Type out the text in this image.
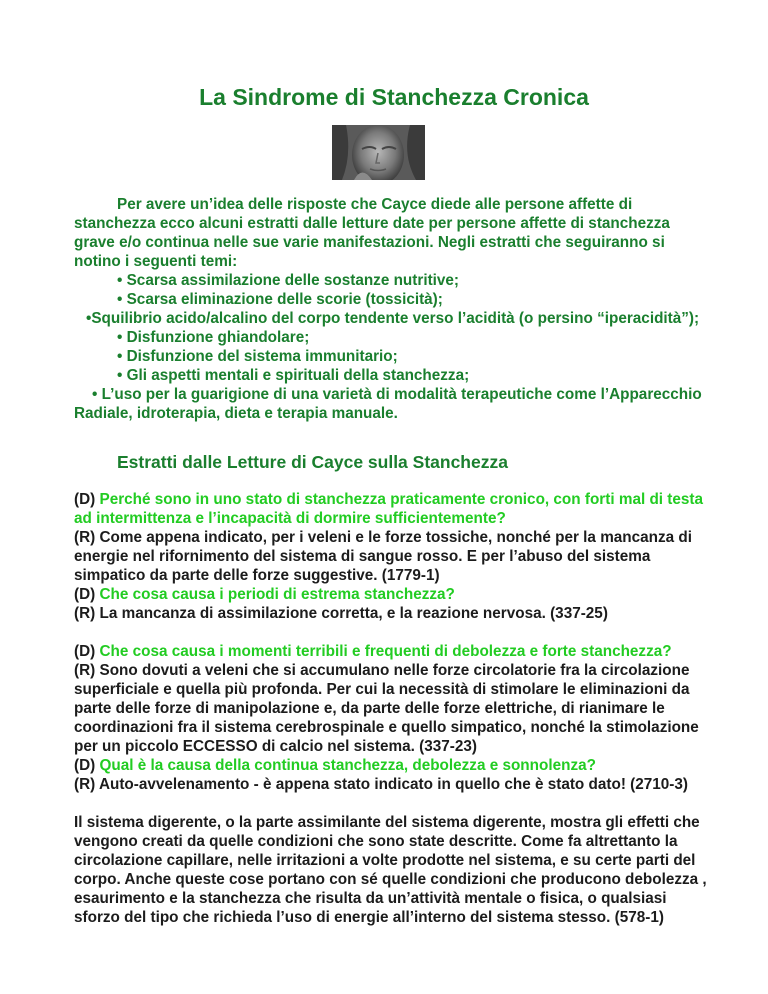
La Sindrome di Stanchezza Cronica

Per avere un’idea delle risposte che Cayce diede alle persone affette di stanchezza ecco alcuni estratti dalle letture date per persone affette di stanchezza grave e/o continua nelle sue varie manifestazioni. Negli estratti che seguiranno si notino i seguenti temi:

• Scarsa assimilazione delle sostanze nutritive;

• Scarsa eliminazione delle scorie (tossicità);

•Squilibrio acido/alcalino del corpo tendente verso l’acidità (o persino “iperacidità”);

• Disfunzione ghiandolare;

• Disfunzione del sistema immunitario;

• Gli aspetti mentali e spirituali della stanchezza;

• L’uso per la guarigione di una varietà di modalità terapeutiche come l’Apparecchio Radiale, idroterapia, dieta e terapia manuale.

Estratti dalle Letture di Cayce sulla Stanchezza

(D) Perché sono in uno stato di stanchezza praticamente cronico, con forti mal di testa ad intermittenza e l’incapacità di dormire sufficientemente?

(R) Come appena indicato, per i veleni e le forze tossiche, nonché per la mancanza di energie nel rifornimento del sistema di sangue rosso. E per l’abuso del sistema simpatico da parte delle forze suggestive. (1779-1)

(D) Che cosa causa i periodi di estrema stanchezza?

(R) La mancanza di assimilazione corretta, e la reazione nervosa. (337-25)

(D) Che cosa causa i momenti terribili e frequenti di debolezza e forte stanchezza?

(R) Sono dovuti a veleni che si accumulano nelle forze circolatorie fra la circolazione superficiale e quella più profonda. Per cui la necessità di stimolare le eliminazioni da parte delle forze di manipolazione e, da parte delle forze elettriche, di rianimare le coordinazioni fra il sistema cerebrospinale e quello simpatico, nonché la stimolazione per un piccolo ECCESSO di calcio nel sistema. (337-23)

(D) Qual è la causa della continua stanchezza, debolezza e sonnolenza?

(R) Auto-avvelenamento - è appena stato indicato in quello che è stato dato! (2710-3)

Il sistema digerente, o la parte assimilante del sistema digerente, mostra gli effetti che vengono creati da quelle condizioni che sono state descritte. Come fa altrettanto la circolazione capillare, nelle irritazioni a volte prodotte nel sistema, e su certe parti del corpo. Anche queste cose portano con sé quelle condizioni che producono debolezza , esaurimento e la stanchezza che risulta da un’attività mentale o fisica, o qualsiasi sforzo del tipo che richieda l’uso di energie all’interno del sistema stesso. (578-1)
